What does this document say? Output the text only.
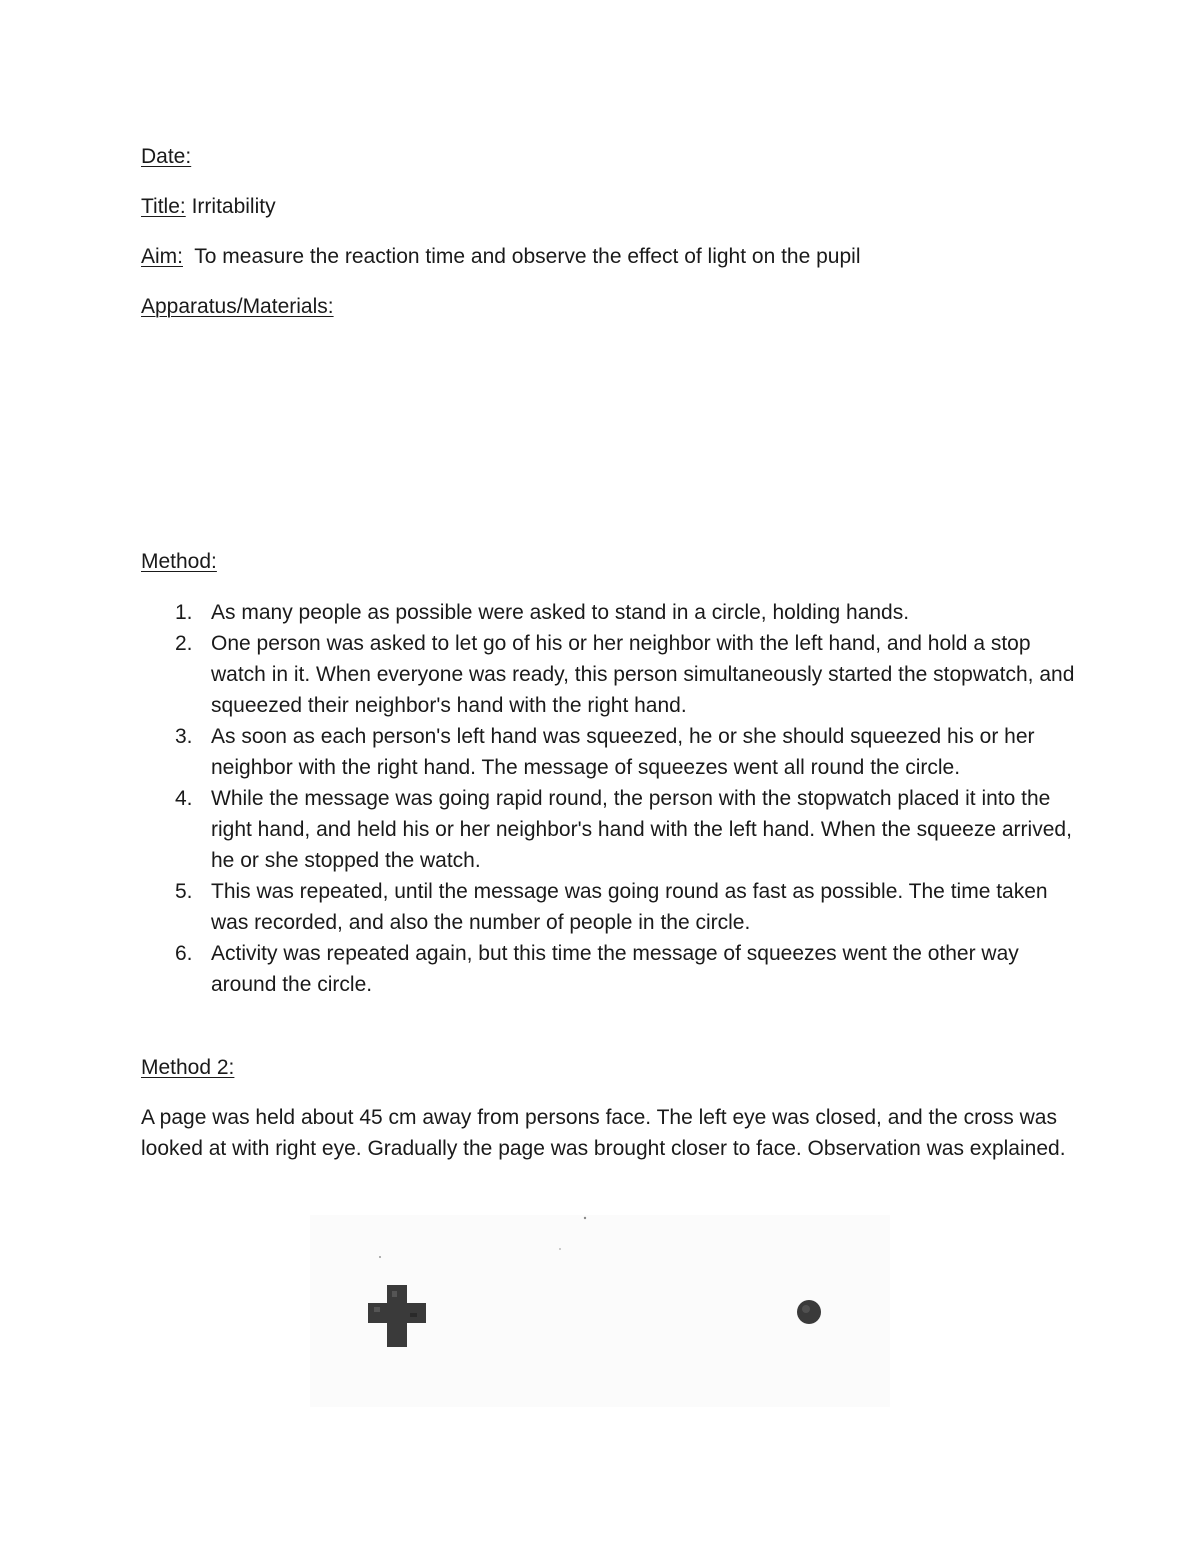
Date:
Title: Irritability
Aim: To measure the reaction time and observe the effect of light on the pupil
Apparatus/Materials:
Method:
1. As many people as possible were asked to stand in a circle, holding hands.
2. One person was asked to let go of his or her neighbor with the left hand, and hold a stop watch in it. When everyone was ready, this person simultaneously started the stopwatch, and squeezed their neighbor's hand with the right hand.
3. As soon as each person's left hand was squeezed, he or she should squeezed his or her neighbor with the right hand. The message of squeezes went all round the circle.
4. While the message was going rapid round, the person with the stopwatch placed it into the right hand, and held his or her neighbor's hand with the left hand. When the squeeze arrived, he or she stopped the watch.
5. This was repeated, until the message was going round as fast as possible. The time taken was recorded, and also the number of people in the circle.
6. Activity was repeated again, but this time the message of squeezes went the other way around the circle.
Method 2:
A page was held about 45 cm away from persons face. The left eye was closed, and the cross was looked at with right eye. Gradually the page was brought closer to face. Observation was explained.
